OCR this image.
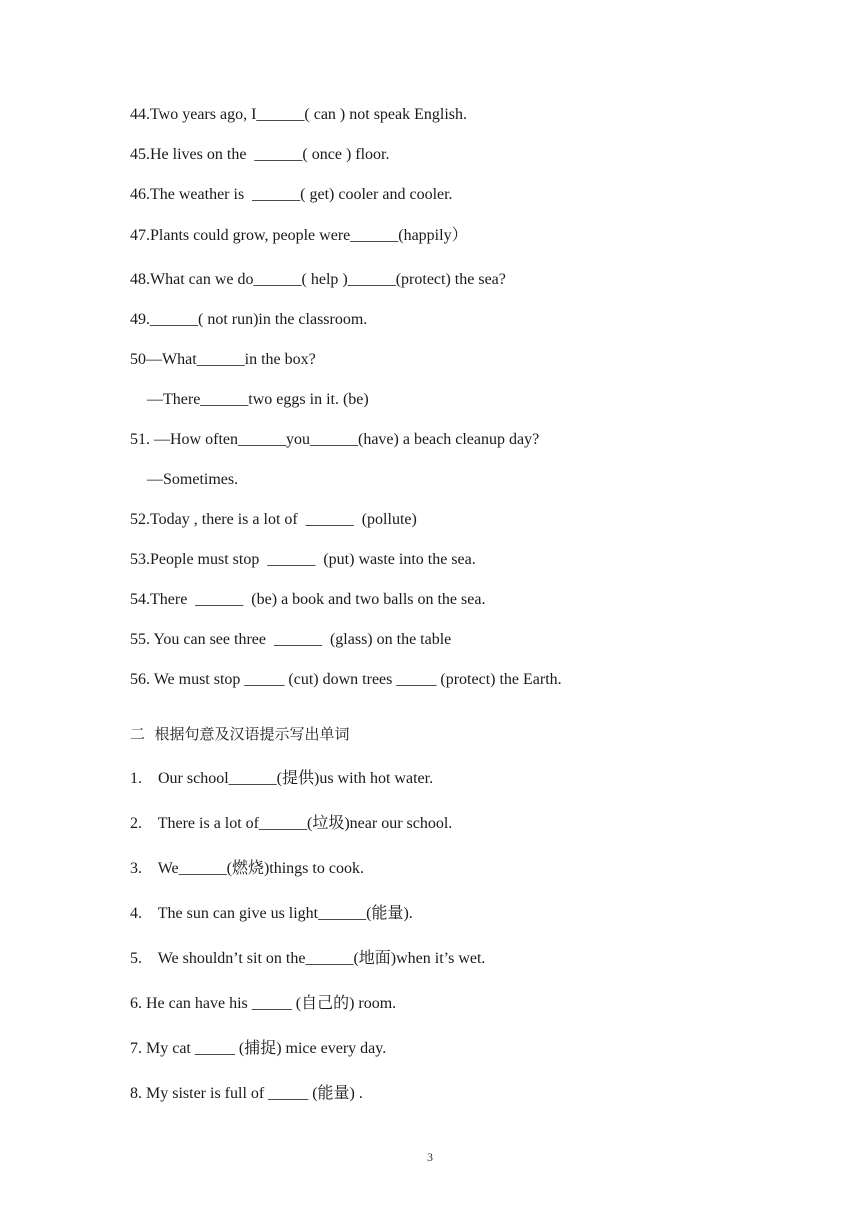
44.Two years ago, I______( can ) not speak English.
45.He lives on the  ______( once ) floor.
46.The weather is  ______( get) cooler and cooler.
47.Plants could grow, people were______(happily）
48.What can we do______( help )______(protect) the sea?
49.______( not run)in the classroom.
50—What______in the box?
—There______two eggs in it. (be)
51. —How often______you______(have) a beach cleanup day?
—Sometimes.
52.Today , there is a lot of  ______  (pollute)
53.People must stop  ______  (put) waste into the sea.
54.There  ______  (be) a book and two balls on the sea.
55. You can see three  ______  (glass) on the table
56. We must stop _____ (cut) down trees _____ (protect) the Earth.
二  根据句意及汉语提示写出单词
1.    Our school______(提供)us with hot water.
2.    There is a lot of______(垃圾)near our school.
3.    We______(燃烧)things to cook.
4.    The sun can give us light______(能量).
5.    We shouldn’t sit on the______(地面)when it’s wet.
6. He can have his _____ (自己的) room.
7. My cat _____ (捕捉) mice every day.
8. My sister is full of _____ (能量) .
3
